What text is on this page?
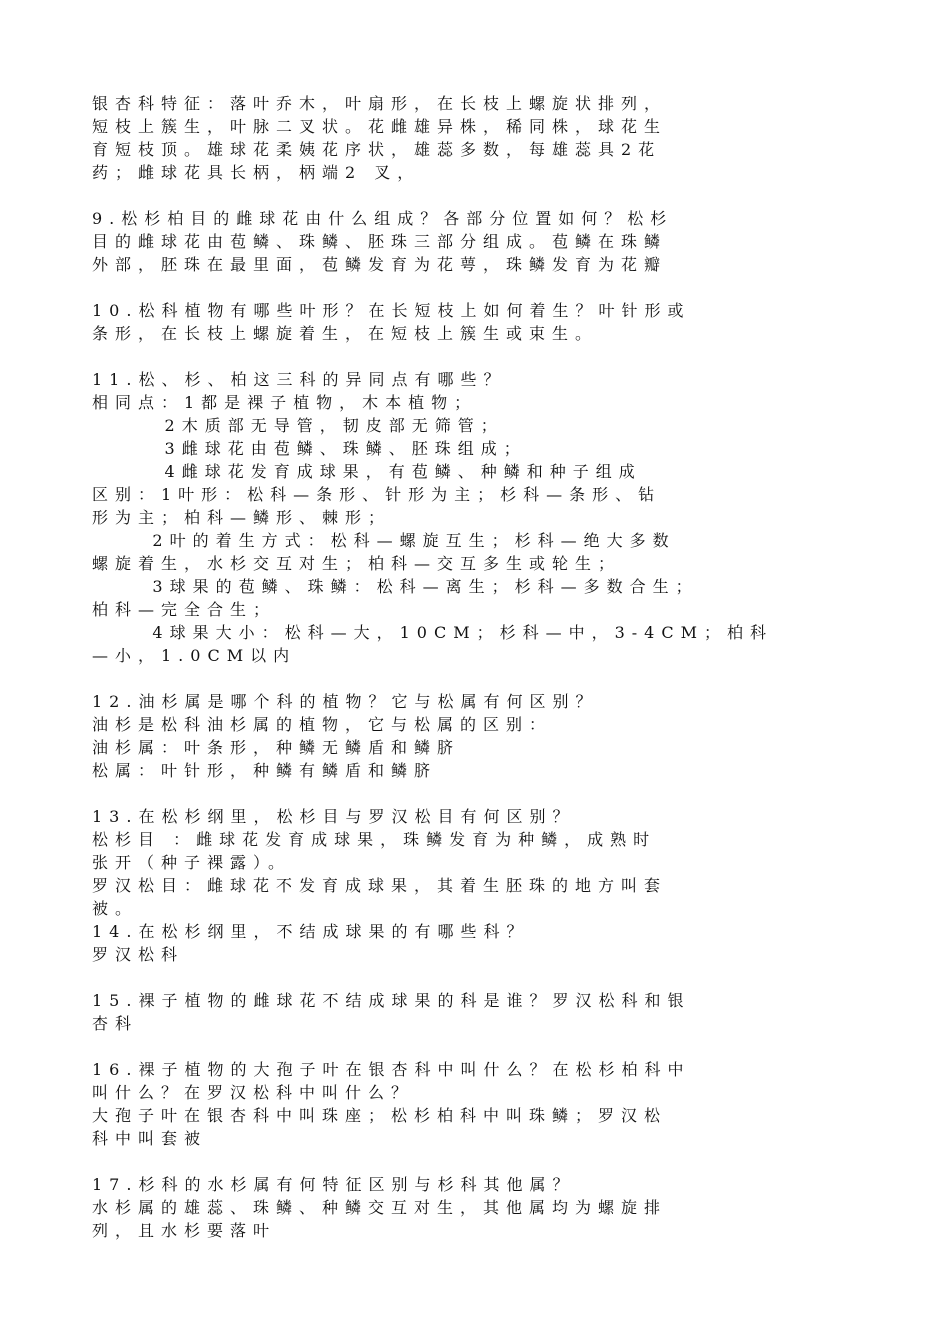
银杏科特征：落叶乔木，叶扇形，在长枝上螺旋状排列，
短枝上簇生，叶脉二叉状。花雌雄异株，稀同株，球花生
育短枝顶。雄球花柔姨花序状，雄蕊多数，每雄蕊具2花
药；雌球花具长柄，柄端2 叉，
9.松杉柏目的雌球花由什么组成？各部分位置如何？松杉
目的雌球花由苞鳞、珠鳞、胚珠三部分组成。苞鳞在珠鳞
外部，胚珠在最里面，苞鳞发育为花萼，珠鳞发育为花瓣
10.松科植物有哪些叶形？在长短枝上如何着生？叶针形或
条形，在长枝上螺旋着生，在短枝上簇生或束生。
11.松、杉、柏这三科的异同点有哪些？
相同点：1都是裸子植物，木本植物；
2木质部无导管，韧皮部无筛管；
3雌球花由苞鳞、珠鳞、胚珠组成；
4雌球花发育成球果，有苞鳞、种鳞和种子组成
区别：1叶形：松科—条形、针形为主；杉科—条形、钻
形为主；柏科—鳞形、棘形；
2叶的着生方式：松科—螺旋互生；杉科—绝大多数
螺旋着生，水杉交互对生；柏科—交互多生或轮生；
3球果的苞鳞、珠鳞：松科—离生；杉科—多数合生；
柏科—完全合生；
4球果大小：松科—大，10CM；杉科—中，3-4CM；柏科
—小，1.0CM以内
12.油杉属是哪个科的植物？它与松属有何区别？
油杉是松科油杉属的植物，它与松属的区别：
油杉属：叶条形，种鳞无鳞盾和鳞脐
松属：叶针形，种鳞有鳞盾和鳞脐
13.在松杉纲里，松杉目与罗汉松目有何区别？
松杉目 ：雌球花发育成球果，珠鳞发育为种鳞，成熟时
张开（种子裸露）。
罗汉松目：雌球花不发育成球果，其着生胚珠的地方叫套
被。
14.在松杉纲里，不结成球果的有哪些科？
罗汉松科
15.裸子植物的雌球花不结成球果的科是谁？罗汉松科和银
杏科
16.裸子植物的大孢子叶在银杏科中叫什么？在松杉柏科中
叫什么？在罗汉松科中叫什么？
大孢子叶在银杏科中叫珠座；松杉柏科中叫珠鳞；罗汉松
科中叫套被
17.杉科的水杉属有何特征区别与杉科其他属？
水杉属的雄蕊、珠鳞、种鳞交互对生，其他属均为螺旋排
列，且水杉要落叶
